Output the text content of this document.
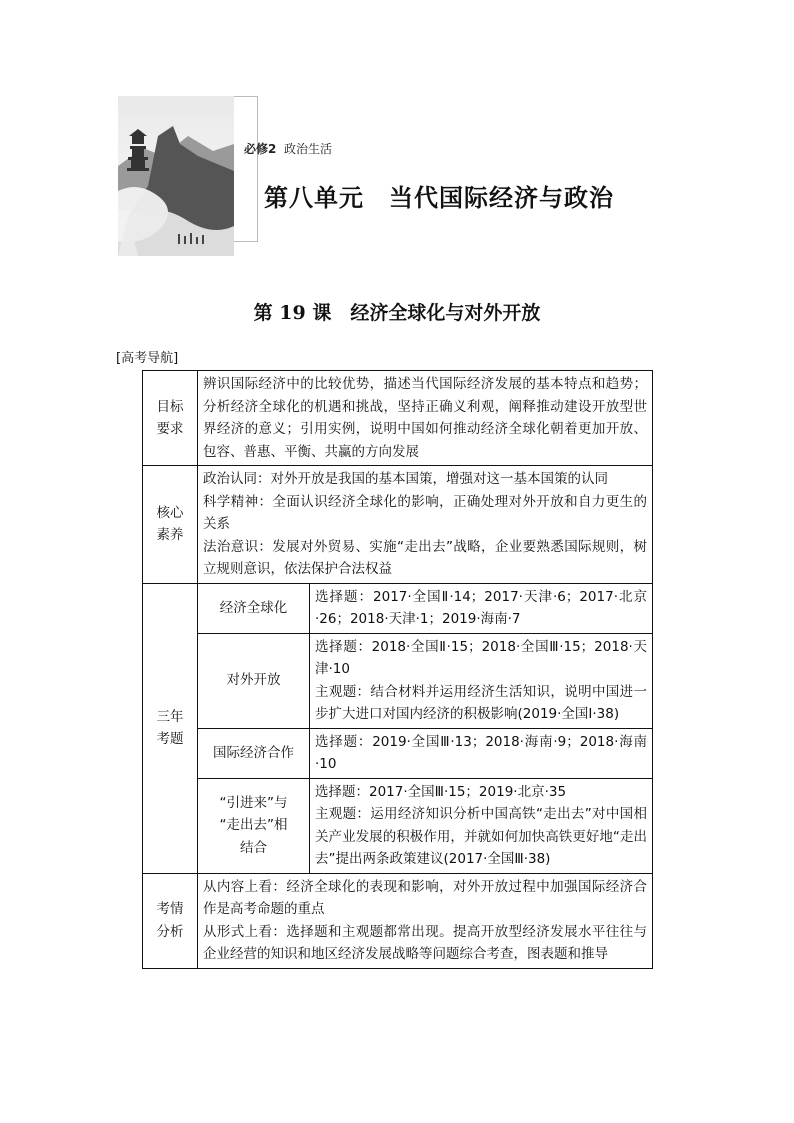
必修2 政治生活
第八单元　当代国际经济与政治
第 19 课　经济全球化与对外开放
[高考导航]
目标
要求	辨识国际经济中的比较优势，描述当代国际经济发展的基本特点和趋势；分析经济全球化的机遇和挑战，坚持正确义利观，阐释推动建设开放型世界经济的意义；引用实例，说明中国如何推动经济全球化朝着更加开放、包容、普惠、平衡、共赢的方向发展	

核心
素养	政治认同：对外开放是我国的基本国策，增强对这一基本国策的认同
科学精神：全面认识经济全球化的影响，正确处理对外开放和自力更生的关系
法治意识：发展对外贸易、实施“走出去”战略，企业要熟悉国际规则，树立规则意识，依法保护合法权益	

三年
考题	经济全球化	选择题：2017·全国Ⅱ·14；2017·天津·6；2017·北京·26；2018·天津·1；2019·海南·7

	对外开放	选择题：2018·全国Ⅱ·15；2018·全国Ⅲ·15；2018·天津·10
主观题：结合材料并运用经济生活知识，说明中国进一步扩大进口对国内经济的积极影响(2019·全国Ⅰ·38)

	国际经济合作	选择题：2019·全国Ⅲ·13；2018·海南·9；2018·海南·10

	“引进来”与
“走出去”相
结合	选择题：2017·全国Ⅲ·15；2019·北京·35
主观题：运用经济知识分析中国高铁“走出去”对中国相关产业发展的积极作用，并就如何加快高铁更好地“走出去”提出两条政策建议(2017·全国Ⅲ·38)

考情
分析	从内容上看：经济全球化的表现和影响，对外开放过程中加强国际经济合作是高考命题的重点
从形式上看：选择题和主观题都常出现。提高开放型经济发展水平往往与企业经营的知识和地区经济发展战略等问题综合考查，图表题和推导	
